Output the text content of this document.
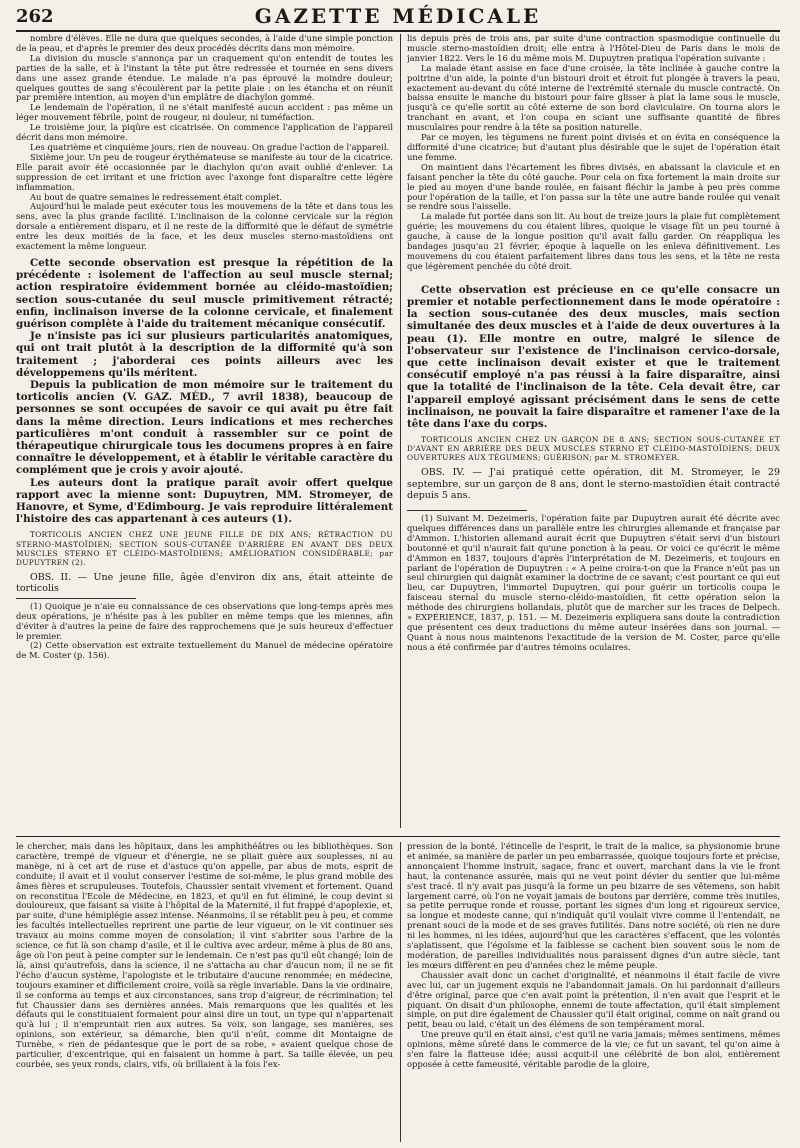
262	GAZETTE MÉDICALE

nombre d'élèves. Elle ne dura que quelques secondes, à l'aide d'une simple ponction de la peau, et d'après le premier des deux procédés décrits dans mon mémoire.

La division du muscle s'annonça par un craquement qu'on entendit de toutes les parties de la salle, et à l'instant la tête put être redressée et tournée en sens divers dans une assez grande étendue. Le malade n'a pas éprouvé la moindre douleur; quelques gouttes de sang s'écoulèrent par la petite plaie : on les étancha et on réunit par première intention, au moyen d'un emplâtre de diachylon gommé.

Le lendemain de l'opération, il ne s'était manifesté aucun accident : pas même un léger mouvement fébrile, point de rougeur, ni douleur, ni tuméfaction.

Le troisième jour, la piqûre est cicatrisée. On commence l'application de l'appareil décrit dans mon mémoire.

Les quatrième et cinquième jours, rien de nouveau. On gradue l'action de l'appareil.

Sixième jour. Un peu de rougeur érythémateuse se manifeste au tour de la cicatrice. Elle parait avoir été occasionnée par le diachylon qu'on avait oublié d'enlever. La suppression de cet irritant et une friction avec l'axonge font disparaître cette légère inflammation.

Au bout de quatre semaines le redressement était complet.

Aujourd'hui le malade peut exécuter tous les mouvemens de la tête et dans tous les sens, avec la plus grande facilité. L'inclinaison de la colonne cervicale sur la région dorsale a entièrement disparu, et il ne reste de la difformité que le défaut de symétrie entre les deux moitiés de la face, et les deux muscles sterno-mastoïdiens ont exactement la même longueur.

Cette seconde observation est presque la répétition de la précédente : isolement de l'affection au seul muscle sternal; action respiratoire évidemment bornée au cléido-mastoïdien; section sous-cutanée du seul muscle primitivement rétracté; enfin, inclinaison inverse de la colonne cervicale, et finalement guérison complète à l'aide du traitement mécanique consécutif.

Je n'insiste pas ici sur plusieurs particularités anatomiques, qui ont trait plutôt à la description de la difformité qu'à son traitement ; j'aborderai ces points ailleurs avec les développemens qu'ils méritent.

Depuis la publication de mon mémoire sur le traitement du torticolis ancien (V. GAZ. MÉD., 7 avril 1838), beaucoup de personnes se sont occupées de savoir ce qui avait pu être fait dans la même direction. Leurs indications et mes recherches particulières m'ont conduit à rassembler sur ce point de thérapeutique chirurgicale tous les documens propres à en faire connaître le développement, et à établir le véritable caractère du complément que je crois y avoir ajouté.

Les auteurs dont la pratique paraît avoir offert quelque rapport avec la mienne sont: Dupuytren, MM. Stromeyer, de Hanovre, et Syme, d'Edimbourg. Je vais reproduire littéralement l'histoire des cas appartenant à ces auteurs (1).

TORTICOLIS ANCIEN CHEZ UNE JEUNE FILLE DE DIX ANS; RÉTRACTION DU STERNO-MASTOÏDIEN; SECTION SOUS-CUTANÉE D'ARRIÈRE EN AVANT DES DEUX MUSCLES STERNO ET CLÉIDO-MASTOÏDIENS; AMÉLIORATION CONSIDÉRABLE; par DUPUYTREN (2).

OBS. II. — Une jeune fille, âgée d'environ dix ans, était atteinte de torticolis

(1) Quoique je n'aie eu connaissance de ces observations que long-temps après mes deux opérations, je n'hésite pas à les publier en même temps que les miennes, afin d'éviter à d'autres la peine de faire des rapprochemens que je suis heureux d'effectuer le premier.

(2) Cette observation est extraite textuellement du Manuel de médecine opératoire de M. Coster (p. 156).

lis depuis près de trois ans, par suite d'une contraction spasmodique continuelle du muscle sterno-mastoïdien droit; elle entra à l'Hôtel-Dieu de Paris dans le mois de janvier 1822. Vers le 16 du même mois M. Dupuytren pratiqua l'opération suivante :

La malade étant assise en face d'une croisée, la tête inclinée à gauche contre la poitrine d'un aide, la pointe d'un bistouri droit et étroit fut plongée à travers la peau, exactement au-devant du côté interne de l'extrémité sternale du muscle contracté. On baissa ensuite le manche du bistouri pour faire glisser à plat la lame sous le muscle, jusqu'à ce qu'elle sortit au côté externe de son bord claviculaire. On tourna alors le tranchant en avant, et l'on coupa en sciant une suffisante quantité de fibres musculaires pour rendre à la tête sa position naturelle.

Par ce moyen, les tégumens ne furent point divisés et on évita en conséquence la difformité d'une cicatrice; but d'autant plus désirable que le sujet de l'opération était une femme.

On maintient dans l'écartement les fibres divisés, en abaissant la clavicule et en faisant pencher la tête du côté gauche. Pour cela on fixa fortement la main droite sur le pied au moyen d'une bande roulée, en faisant fléchir la jambe à peu près comme pour l'opération de la taille, et l'on passa sur la tête une autre bande roulée qui venait se rendre sous l'aisselle.

La malade fut portée dans son lit. Au bout de treize jours la plaie fut complètement guérie; les mouvemens du cou étaient libres, quoique le visage fût un peu tourné à gauche, à cause de la longue position qu'il avait fallu garder. On réappliqua les bandages jusqu'au 21 février, époque à laquelle on les enleva définitivement. Les mouvemens du cou étaient parfaitement libres dans tous les sens, et la tête ne resta que légèrement penchée du côté droit.

Cette observation est précieuse en ce qu'elle consacre un premier et notable perfectionnement dans le mode opératoire : la section sous-cutanée des deux muscles, mais section simultanée des deux muscles et à l'aide de deux ouvertures à la peau (1). Elle montre en outre, malgré le silence de l'observateur sur l'existence de l'inclinaison cervico-dorsale, que cette inclinaison devait exister et que le traitement consécutif employé n'a pas réussi à la faire disparaître, ainsi que la totalité de l'inclinaison de la tête. Cela devait être, car l'appareil employé agissant précisément dans le sens de cette inclinaison, ne pouvait la faire disparaître et ramener l'axe de la tête dans l'axe du corps.

TORTICOLIS ANCIEN CHEZ UN GARÇON DE 8 ANS; SECTION SOUS-CUTANÉE ET D'AVANT EN ARRIÈRE DES DEUX MUSCLES STERNO ET CLÉIDO-MASTOÏDIENS; DEUX OUVERTURES AUX TÉGUMENS; GUÉRISON; par M. STROMEYER.

OBS. IV. — J'ai pratiqué cette opération, dit M. Stromeyer, le 29 septembre, sur un garçon de 8 ans, dont le sterno-mastoïdien était contracté depuis 5 ans.

(1) Suivant M. Dezeimeris, l'opération faite par Dupuytren aurait été décrite avec quelques différences dans un parallèle entre les chirurgies allemande et française par d'Ammon. L'historien allemand aurait écrit que Dupuytren s'était servi d'un bistouri boutonné et qu'il n'aurait fait qu'une ponction à la peau. Or voici ce qu'écrit le même d'Ammon en 1837, toujours d'après l'interprétation de M. Dezeimeris, et toujours en parlant de l'opération de Dupuytren : « A peine croira-t-on que la France n'eût pas un seul chirurgien qui daignât examiner la doctrine de ce savant; c'est pourtant ce qui eut lieu, car Dupuytren, l'immortel Dupuytren, qui pour guérir un torticolis coupa le faisceau sternal du muscle sterno-cléido-mastoïdien, fit cette opération selon la méthode des chirurgiens hollandais, plutôt que de marcher sur les traces de Delpech. » EXPÉRIENCE, 1837, p. 151. — M. Dezeimeris expliquera sans doute la contradiction que présentent ces deux traductions du même auteur insérées dans son journal. — Quant à nous nous maintenons l'exactitude de la version de M. Coster, parce qu'elle nous a été confirmée par d'autres témoins oculaires.

le chercher, mais dans les hôpitaux, dans les amphithéâtres ou les bibliothèques. Son caractère, trempé de vigueur et d'énergie, ne se pliait guère aux souplesses, ni au manège, ni à cet art de ruse et d'astuce qu'on appelle, par abus de mots, esprit de conduite; il avait et il voulut conserver l'estime de soi-même, le plus grand mobile des âmes fières et scrupuleuses. Toutefois, Chaussier sentait vivement et fortement. Quand on reconstitua l'Ecole de Médecine, en 1823, et qu'il en fut éliminé, le coup devint si douloureux, que faisant sa visite à l'hôpital de la Maternité, il fut frappé d'apoplexie, et, par suite, d'une hémiplégie assez intense. Néanmoins, il se rétablit peu à peu, et comme les facultés intellectuelles reprirent une partie de leur vigueur, on le vit continuer ses travaux au moins comme moyen de consolation; il vint s'abriter sous l'arbre de la science, ce fut là son champ d'asile, et il le cultiva avec ardeur, même à plus de 80 ans, âge où l'on peut à peine compter sur le lendemain. Ce n'est pas qu'il eût changé; loin de là, ainsi qu'autrefois, dans la science, il ne s'attacha au char d'aucun nom; il ne se fit l'écho d'aucun système, l'apologiste et le tributaire d'aucune renommée; en médecine, toujours examiner et difficilement croire, voilà sa règle invariable. Dans la vie ordinaire, il se conforma au temps et aux circonstances, sans trop d'aigreur, de récrimination; tel fut Chaussier dans ses dernières années. Mais remarquons que les qualités et les défauts qui le constituaient formaient pour ainsi dire un tout, un type qui n'appartenait qu'à lui ; il n'empruntait rien aux autres. Sa voix, son langage, ses manières, ses opinions, son extérieur, sa démarche, bien qu'il n'eût, comme dit Montaigne de Turnèbe, « rien de pédantesque que le port de sa robe, » avaient quelque chose de particulier, d'excentrique, qui en faisaient un homme à part. Sa taille élevée, un peu courbée, ses yeux ronds, clairs, vifs, où brillaient à la fois l'ex-

pression de la bonté, l'étincelle de l'esprit, le trait de la malice, sa physionomie brune et animée, sa manière de parler un peu embarrassée, quoique toujours forte et précise, annonçaient l'homme instruit, sagace, franc et ouvert, marchant dans la vie le front haut, la contenance assurée, mais qui ne veut point dévier du sentier que lui-même s'est tracé. Il n'y avait pas jusqu'à la forme un peu bizarre de ses vêtemens, son habit largement carré, où l'on ne voyait jamais de boutons par derrière, comme très inutiles, sa petite perruque ronde et rousse, portant les signes d'un long et rigoureux service, sa longue et modeste canne, qui n'indiquât qu'il voulait vivre comme il l'entendait, ne prenant souci de la mode et de ses graves futilités. Dans notre société, où rien ne dure ni les hommes, ni les idées, aujourd'hui que les caractères s'effacent, que les volontés s'aplatissent, que l'égoïsme et la faiblesse se cachent bien souvent sous le nom de modération, de pareilles individualités nous paraissent dignes d'un autre siècle, tant les mœurs diffèrent en peu d'années chez le même peuple.

Chaussier avait donc un cachet d'originalité, et néanmoins il était facile de vivre avec lui, car un jugement exquis ne l'abandonnait jamais. On lui pardonnait d'ailleurs d'être original, parce que c'en avait point la prétention, il n'en avait que l'esprit et le piquant. On disait d'un philosophe, ennemi de toute affectation, qu'il était simplement simple, on put dire également de Chaussier qu'il était original, comme on naît grand ou petit, beau ou laid, c'était un des élémens de son tempérament moral.

Une preuve qu'il en était ainsi, c'est qu'il ne varia jamais; mêmes sentimens, mêmes opinions, même sûreté dans le commerce de la vie; ce fut un savant, tel qu'on aime à s'en faire la flatteuse idée; aussi acquit-il une célébrité de bon aloi, entièrement opposée à cette fameusité, véritable parodie de la gloire,
